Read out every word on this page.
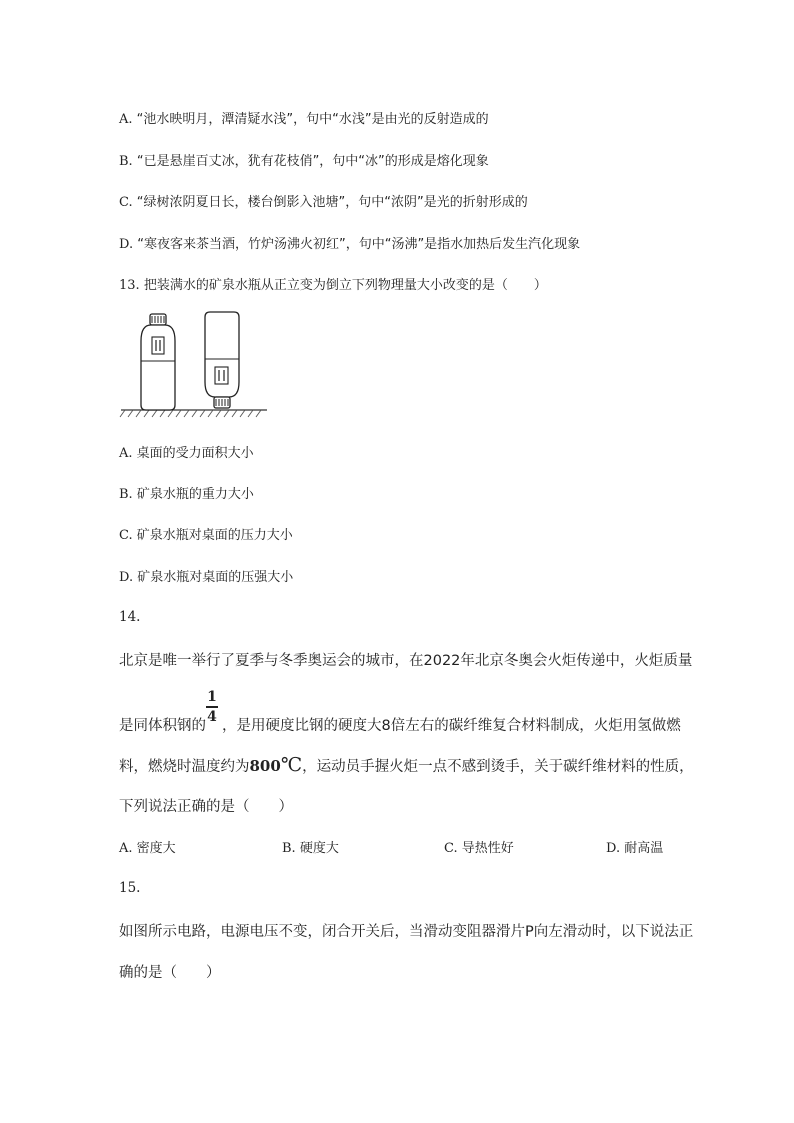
A. “池水映明月，潭清疑水浅”，句中“水浅”是由光的反射造成的
B. “已是悬崖百丈冰，犹有花枝俏”，句中“冰”的形成是熔化现象
C. “绿树浓阴夏日长，楼台倒影入池塘”，句中“浓阴”是光的折射形成的
D. “寒夜客来茶当酒，竹炉汤沸火初红”，句中“汤沸”是指水加热后发生汽化现象
13. 把装满水的矿泉水瓶从正立变为倒立下列物理量大小改变的是（　　）
A. 桌面的受力面积大小
B. 矿泉水瓶的重力大小
C. 矿泉水瓶对桌面的压力大小
D. 矿泉水瓶对桌面的压强大小
14.
北京是唯一举行了夏季与冬季奥运会的城市，在2022年北京冬奥会火炬传递中，火炬质量
是同体积钢的 ，是用硬度比钢的硬度大8倍左右的碳纤维复合材料制成，火炬用氢做燃
1
4
料，燃烧时温度约为800℃，运动员手握火炬一点不感到烫手，关于碳纤维材料的性质，
下列说法正确的是（　　）
A. 密度大	B. 硬度大	C. 导热性好	D. 耐高温
15.
如图所示电路，电源电压不变，闭合开关后，当滑动变阻器滑片P向左滑动时，以下说法正
确的是（　　）
